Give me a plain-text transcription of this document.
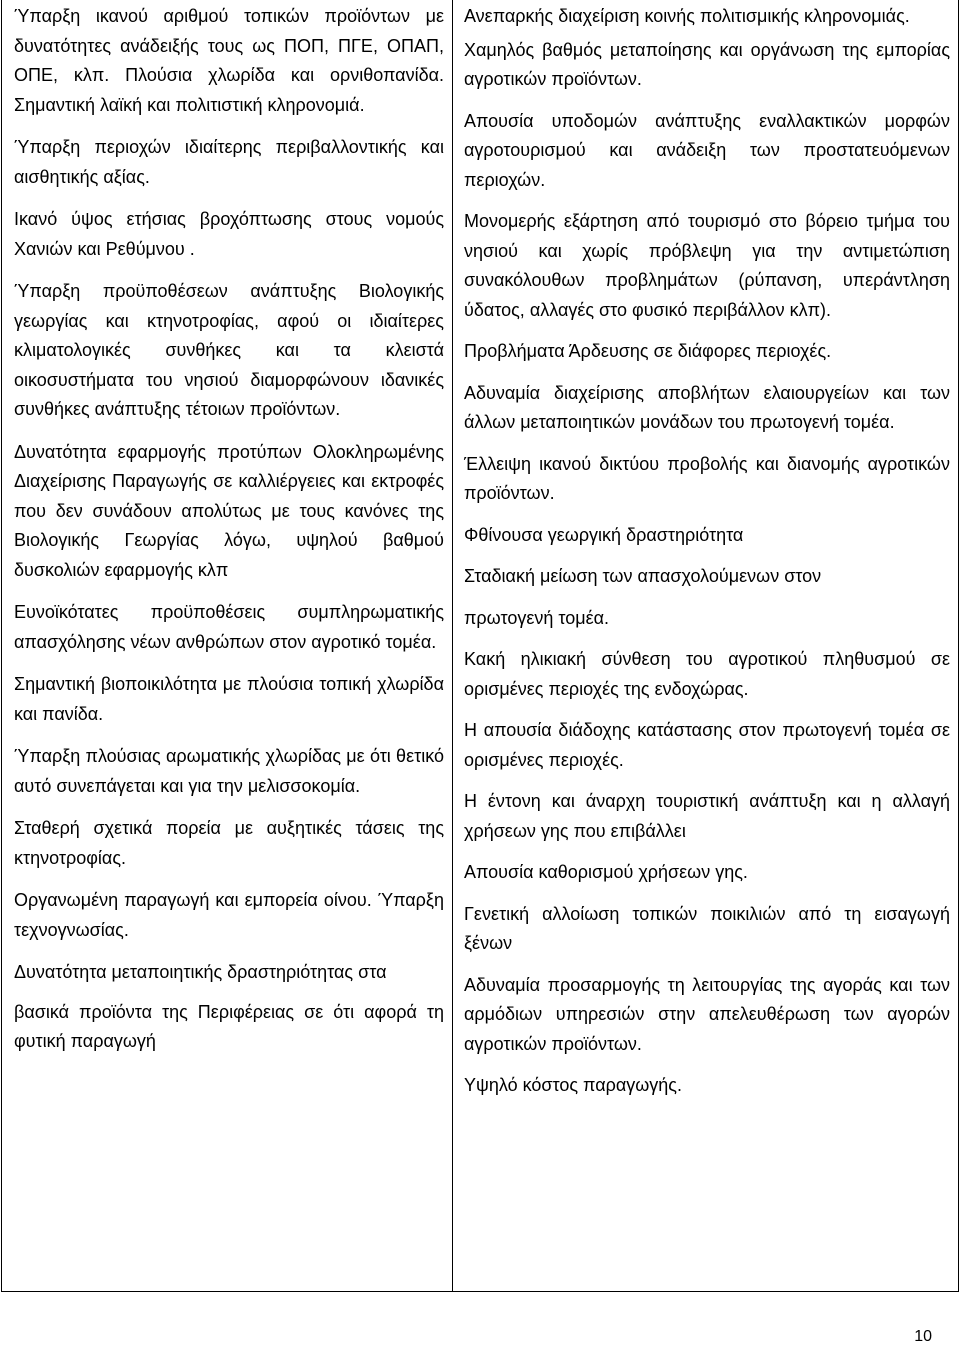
Ύπαρξη ικανού αριθμού τοπικών προϊόντων με δυνατότητες ανάδειξής τους ως ΠΟΠ, ΠΓΕ, ΟΠΑΠ, ΟΠΕ, κλπ. Πλούσια χλωρίδα και ορνιθοπανίδα. Σημαντική λαϊκή και πολιτιστική κληρονομιά.

Ύπαρξη περιοχών ιδιαίτερης περιβαλλοντικής και αισθητικής αξίας.

Ικανό ύψος ετήσιας βροχόπτωσης στους νομούς Χανιών και Ρεθύμνου .

Ύπαρξη προϋποθέσεων ανάπτυξης Βιολογικής γεωργίας και κτηνοτροφίας, αφού οι ιδιαίτερες κλιματολογικές συνθήκες και τα κλειστά οικοσυστήματα του νησιού διαμορφώνουν ιδανικές συνθήκες ανάπτυξης τέτοιων προϊόντων.

Δυνατότητα εφαρμογής προτύπων Ολοκληρωμένης Διαχείρισης Παραγωγής σε καλλιέργειες και εκτροφές που δεν συνάδουν απολύτως με τους κανόνες της Βιολογικής Γεωργίας λόγω, υψηλού βαθμού δυσκολιών εφαρμογής κλπ

Ευνοϊκότατες προϋποθέσεις συμπληρωματικής απασχόλησης νέων ανθρώπων στον αγροτικό τομέα.

Σημαντική βιοποικιλότητα με πλούσια τοπική χλωρίδα και πανίδα.

Ύπαρξη πλούσιας αρωματικής χλωρίδας με ότι θετικό αυτό συνεπάγεται και για την μελισσοκομία.

Σταθερή σχετικά πορεία με αυξητικές τάσεις της κτηνοτροφίας.

Οργανωμένη παραγωγή και εμπορεία οίνου. Ύπαρξη τεχνογνωσίας.

Δυνατότητα μεταποιητικής δραστηριότητας στα

βασικά προϊόντα της Περιφέρειας σε ότι αφορά τη φυτική παραγωγή

Ανεπαρκής διαχείριση κοινής πολιτισμικής κληρονομιάς.

Χαμηλός βαθμός μεταποίησης και οργάνωση της εμπορίας αγροτικών προϊόντων.

Απουσία υποδομών ανάπτυξης εναλλακτικών μορφών αγροτουρισμού και ανάδειξη των προστατευόμενων περιοχών.

Μονομερής εξάρτηση από τουρισμό στο βόρειο τμήμα του νησιού και χωρίς πρόβλεψη για την αντιμετώπιση συνακόλουθων προβλημάτων (ρύπανση, υπεράντληση ύδατος, αλλαγές στο φυσικό περιβάλλον κλπ).

Προβλήματα Άρδευσης σε διάφορες περιοχές.

Αδυναμία διαχείρισης αποβλήτων ελαιουργείων και των άλλων μεταποιητικών μονάδων του πρωτογενή τομέα.

Έλλειψη ικανού δικτύου προβολής και διανομής αγροτικών προϊόντων.

Φθίνουσα γεωργική δραστηριότητα

Σταδιακή μείωση των απασχολούμενων στον

πρωτογενή τομέα.

Κακή ηλικιακή σύνθεση του αγροτικού πληθυσμού σε ορισμένες περιοχές της ενδοχώρας.

Η απουσία διάδοχης κατάστασης στον πρωτογενή τομέα σε ορισμένες περιοχές.

Η έντονη και άναρχη τουριστική ανάπτυξη και η αλλαγή χρήσεων γης που επιβάλλει

Απουσία καθορισμού χρήσεων γης.

Γενετική αλλοίωση τοπικών ποικιλιών από τη εισαγωγή ξένων

Αδυναμία προσαρμογής τη λειτουργίας της αγοράς και των αρμόδιων υπηρεσιών στην απελευθέρωση των αγορών αγροτικών προϊόντων.

Υψηλό κόστος παραγωγής.

10
